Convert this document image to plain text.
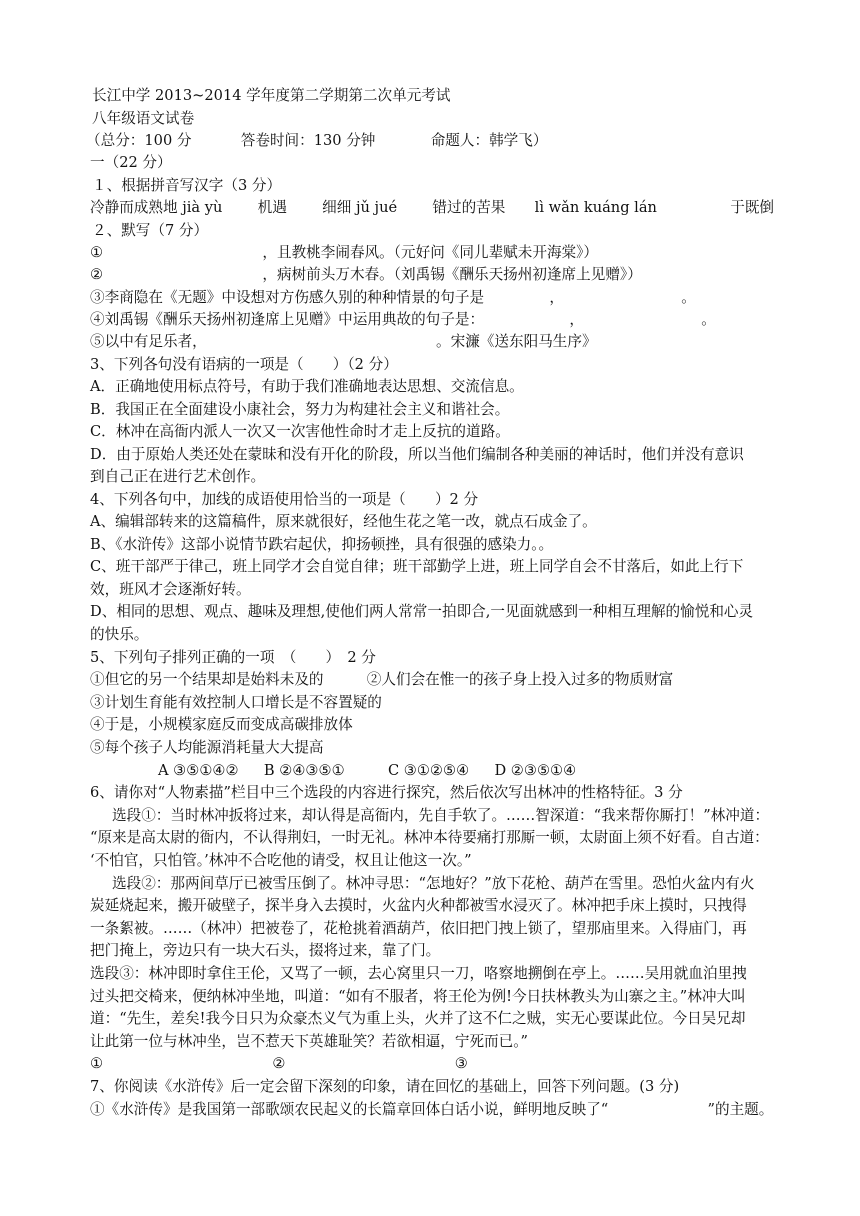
长江中学 2013~2014 学年度第二学期第二次单元考试
八年级语文试卷
（总分：100 分	答卷时间：130 分钟	命题人：韩学飞）
一（22 分）
１、根据拼音写汉字（3 分）
冷静而成熟地 jià yù 机遇 细细 jǔ jué 错过的苦果 lì wǎn kuáng lán	于既倒
２、默写（7 分）
①	，且教桃李闹春风。（元好问《同儿辈赋未开海棠》）
②	，病树前头万木春。（刘禹锡《酬乐天扬州初逢席上见赠》）
③李商隐在《无题》中设想对方伤感久别的种种情景的句子是	，	。
④刘禹锡《酬乐天扬州初逢席上见赠》中运用典故的句子是：	，	。
⑤以中有足乐者，	。宋濂《送东阳马生序》
3、下列各句没有语病的一项是（　　）（2 分）
A．正确地使用标点符号，有助于我们准确地表达思想、交流信息。
B．我国正在全面建设小康社会，努力为构建社会主义和谐社会。
C．林冲在高衙内派人一次又一次害他性命时才走上反抗的道路。
D．由于原始人类还处在蒙昧和没有开化的阶段，所以当他们编制各种美丽的神话时，他们并没有意识
到自己正在进行艺术创作。
4、下列各句中，加线的成语使用恰当的一项是（　　）2 分
A、编辑部转来的这篇稿件，原来就很好，经他生花之笔一改，就点石成金了。
B、《水浒传》这部小说情节跌宕起伏，抑扬顿挫，具有很强的感染力。。
C、班干部严于律己，班上同学才会自觉自律；班干部勤学上进，班上同学自会不甘落后，如此上行下
效，班风才会逐渐好转。
D、相同的思想、观点、趣味及理想,使他们两人常常一拍即合,一见面就感到一种相互理解的愉悦和心灵
的快乐。
5、下列句子排列正确的一项　（　　）　2 分
①但它的另一个结果却是始料未及的	②人们会在惟一的孩子身上投入过多的物质财富
③计划生育能有效控制人口增长是不容置疑的
④于是，小规模家庭反而变成高碳排放体
⑤每个孩子人均能源消耗量大大提高
A ③⑤①④② B ②④③⑤①	C ③①②⑤④ D ②③⑤①④
6、请你对“人物素描”栏目中三个选段的内容进行探究，然后依次写出林冲的性格特征。3 分
选段①：当时林冲扳将过来，却认得是高衙内，先自手软了。……智深道：“我来帮你厮打！”林冲道：
“原来是高太尉的衙内，不认得荆妇，一时无礼。林冲本待要痛打那厮一顿，太尉面上须不好看。自古道：
‘不怕官，只怕管。’林冲不合吃他的请受，权且让他这一次。”
选段②：那两间草厅已被雪压倒了。林冲寻思：“怎地好？”放下花枪、葫芦在雪里。恐怕火盆内有火
炭延烧起来，搬开破壁子，探半身入去摸时，火盆内火种都被雪水浸灭了。林冲把手床上摸时，只拽得
一条絮被。……（林冲）把被卷了，花枪挑着酒葫芦，依旧把门拽上锁了，望那庙里来。入得庙门，再
把门掩上，旁边只有一块大石头，掇将过来，靠了门。
选段③：林冲即时拿住王伦，又骂了一顿，去心窝里只一刀，咯察地搠倒在亭上。……吴用就血泊里拽
过头把交椅来，便纳林冲坐地，叫道：“如有不服者，将王伦为例!今日扶林教头为山寨之主。”林冲大叫
道：“先生，差矣!我今日只为众豪杰义气为重上头，火并了这不仁之贼，实无心要谋此位。今日吴兄却
让此第一位与林冲坐，岂不惹天下英雄耻笑？若欲相逼，宁死而已。”
①	②	③
7、你阅读《水浒传》后一定会留下深刻的印象，请在回忆的基础上，回答下列问题。(3 分)
①《水浒传》是我国第一部歌颂农民起义的长篇章回体白话小说，鲜明地反映了“	”的主题。
